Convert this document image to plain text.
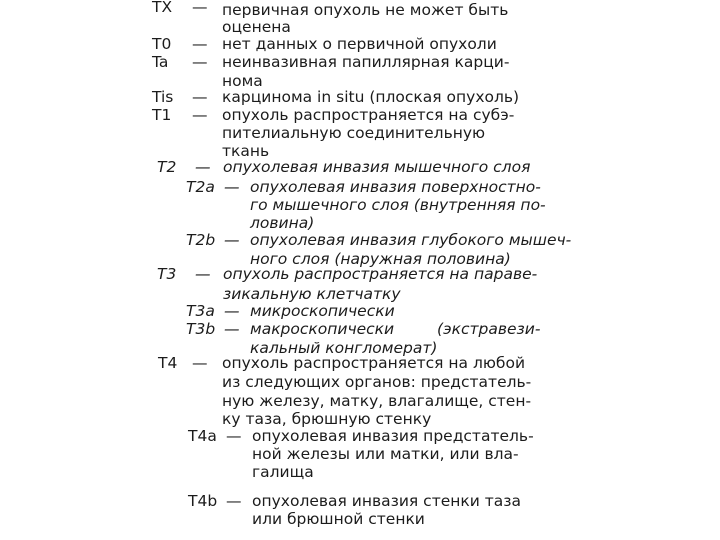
TX — первичная опухоль не может быть
оцененa
T0 — нет данных о первичной опухоли
Ta — неинвазивная папиллярная карци-
нома
Tis — карцинома in situ (плоская опухоль)
T1 — опухоль распространяется на субэ-
пителиальную соединительную
ткань
T2 — опухолевая инвазия мышечного слоя
T2a — опухолевая инвазия поверхностно-
го мышечного слоя (внутренняя по-
ловина)
T2b — опухолевая инвазия глубокого мышеч-
ного слоя (наружная половина)
T3 — опухоль распространяется на параве-
зикальную клетчатку
T3a — микроскопически
T3b — макроскопически (экстравези-
кальный конгломерат)
T4 — опухоль распространяется на любой
из следующих органов: предстатель-
ную железу, матку, влагалище, стен-
ку таза, брюшную стенку
T4a — опухолевая инвазия предстатель-
ной железы или матки, или вла-
галища
T4b — опухолевая инвазия стенки таза
или брюшной стенки
